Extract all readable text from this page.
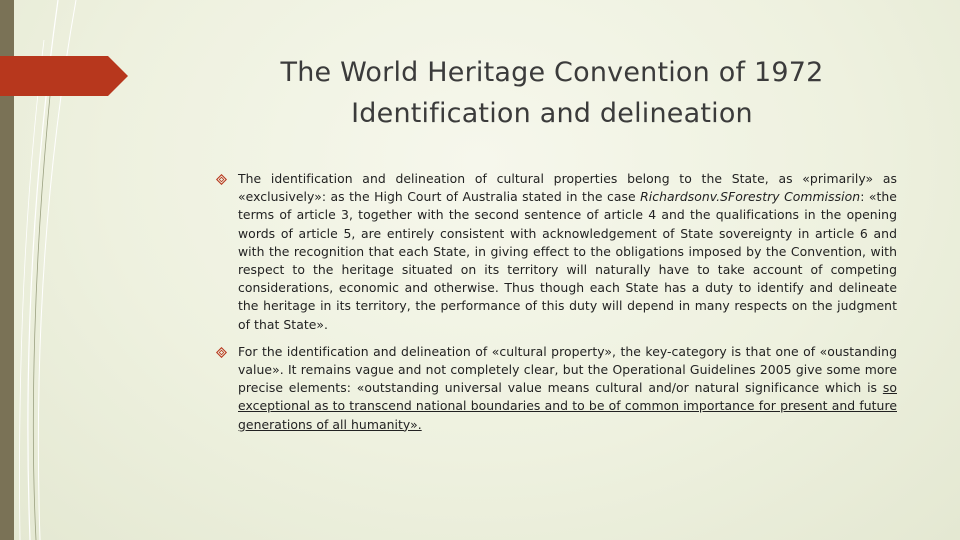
The World Heritage Convention of 1972
Identification and delineation

The identification and delineation of cultural properties belong to the State, as «primarily» as «exclusively»: as the High Court of Australia stated in the case Richardsonv.SForestry Commission: «the terms of article 3, together with the second sentence of article 4 and the qualifications in the opening words of article 5, are entirely consistent with acknowledgement of State sovereignty in article 6 and with the recognition that each State, in giving effect to the obligations imposed by the Convention, with respect to the heritage situated on its territory will naturally have to take account of competing considerations, economic and otherwise. Thus though each State has a duty to identify and delineate the heritage in its territory, the performance of this duty will depend in many respects on the judgment of that State».

For the identification and delineation of «cultural property», the key-category is that one of «oustanding value». It remains vague and not completely clear, but the Operational Guidelines 2005 give some more precise elements: «outstanding universal value means cultural and/or natural significance which is so exceptional as to transcend national boundaries and to be of common importance for present and future generations of all humanity».
